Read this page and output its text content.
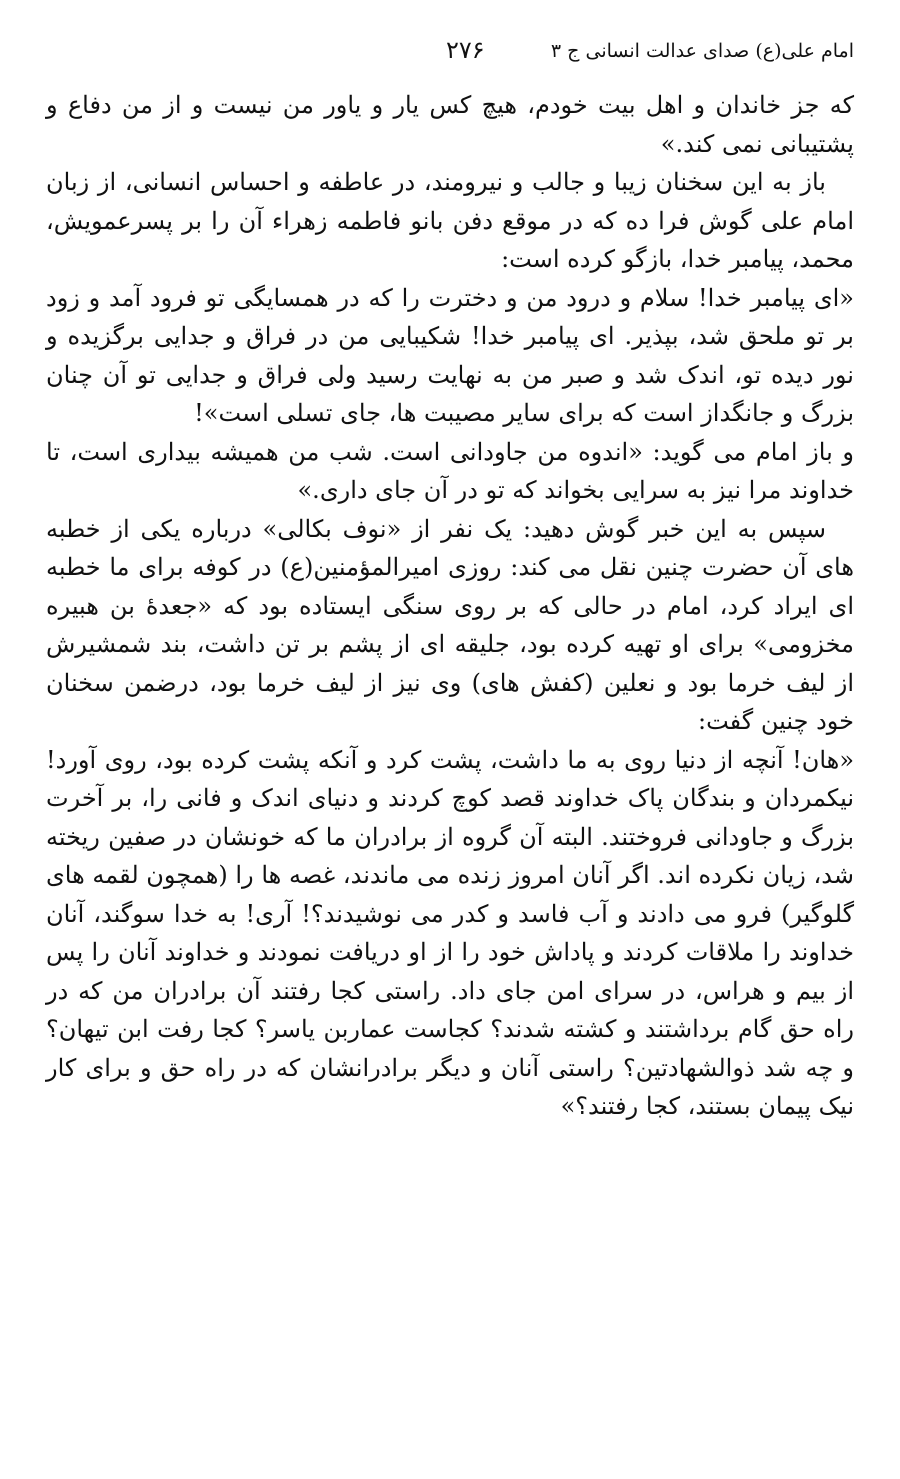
امام علی(ع) صدای عدالت انسانی ج ۳
۲۷۶

که جز خاندان و اهل بیت خودم، هیچ کس یار و یاور من نیست و از من دفاع و پشتیبانی نمی کند.»

باز به این سخنان زیبا و جالب و نیرومند، در عاطفه و احساس انسانی، از زبان امام علی گوش فرا ده که در موقع دفن بانو فاطمه زهراء آن را بر پسرعمویش، محمد، پیامبر خدا، بازگو کرده است:

«ای پیامبر خدا! سلام و درود من و دخترت را که در همسایگی تو فرود آمد و زود بر تو ملحق شد، بپذیر. ای پیامبر خدا! شکیبایی من در فراق و جدایی برگزیده و نور دیده تو، اندک شد و صبر من به نهایت رسید ولی فراق و جدایی تو آن چنان بزرگ و جانگداز است که برای سایر مصیبت ها، جای تسلی است»!

و باز امام می گوید: «اندوه من جاودانی است. شب من همیشه بیداری است، تا خداوند مرا نیز به سرایی بخواند که تو در آن جای داری.»

سپس به این خبر گوش دهید: یک نفر از «نوف بکالی» درباره یکی از خطبه های آن حضرت چنین نقل می کند: روزی امیرالمؤمنین(ع) در کوفه برای ما خطبه ای ایراد کرد، امام در حالی که بر روی سنگی ایستاده بود که «جعدهٔ بن هبیره مخزومی» برای او تهیه کرده بود، جلیقه ای از پشم بر تن داشت، بند شمشیرش از لیف خرما بود و نعلین (کفش های) وی نیز از لیف خرما بود، درضمن سخنان خود چنین گفت:

«هان! آنچه از دنیا روی به ما داشت، پشت کرد و آنکه پشت کرده بود، روی آورد! نیکمردان و بندگان پاک خداوند قصد کوچ کردند و دنیای اندک و فانی را، بر آخرت بزرگ و جاودانی فروختند. البته آن گروه از برادران ما که خونشان در صفین ریخته شد، زیان نکرده اند. اگر آنان امروز زنده می ماندند، غصه ها را (همچون لقمه های گلوگیر) فرو می دادند و آب فاسد و کدر می نوشیدند؟! آری! به خدا سوگند، آنان خداوند را ملاقات کردند و پاداش خود را از او دریافت نمودند و خداوند آنان را پس از بیم و هراس، در سرای امن جای داد. راستی کجا رفتند آن برادران من که در راه حق گام برداشتند و کشته شدند؟ کجاست عماربن یاسر؟ کجا رفت ابن تیهان؟ و چه شد ذوالشهادتین؟ راستی آنان و دیگر برادرانشان که در راه حق و برای کار نیک پیمان بستند، کجا رفتند؟»
